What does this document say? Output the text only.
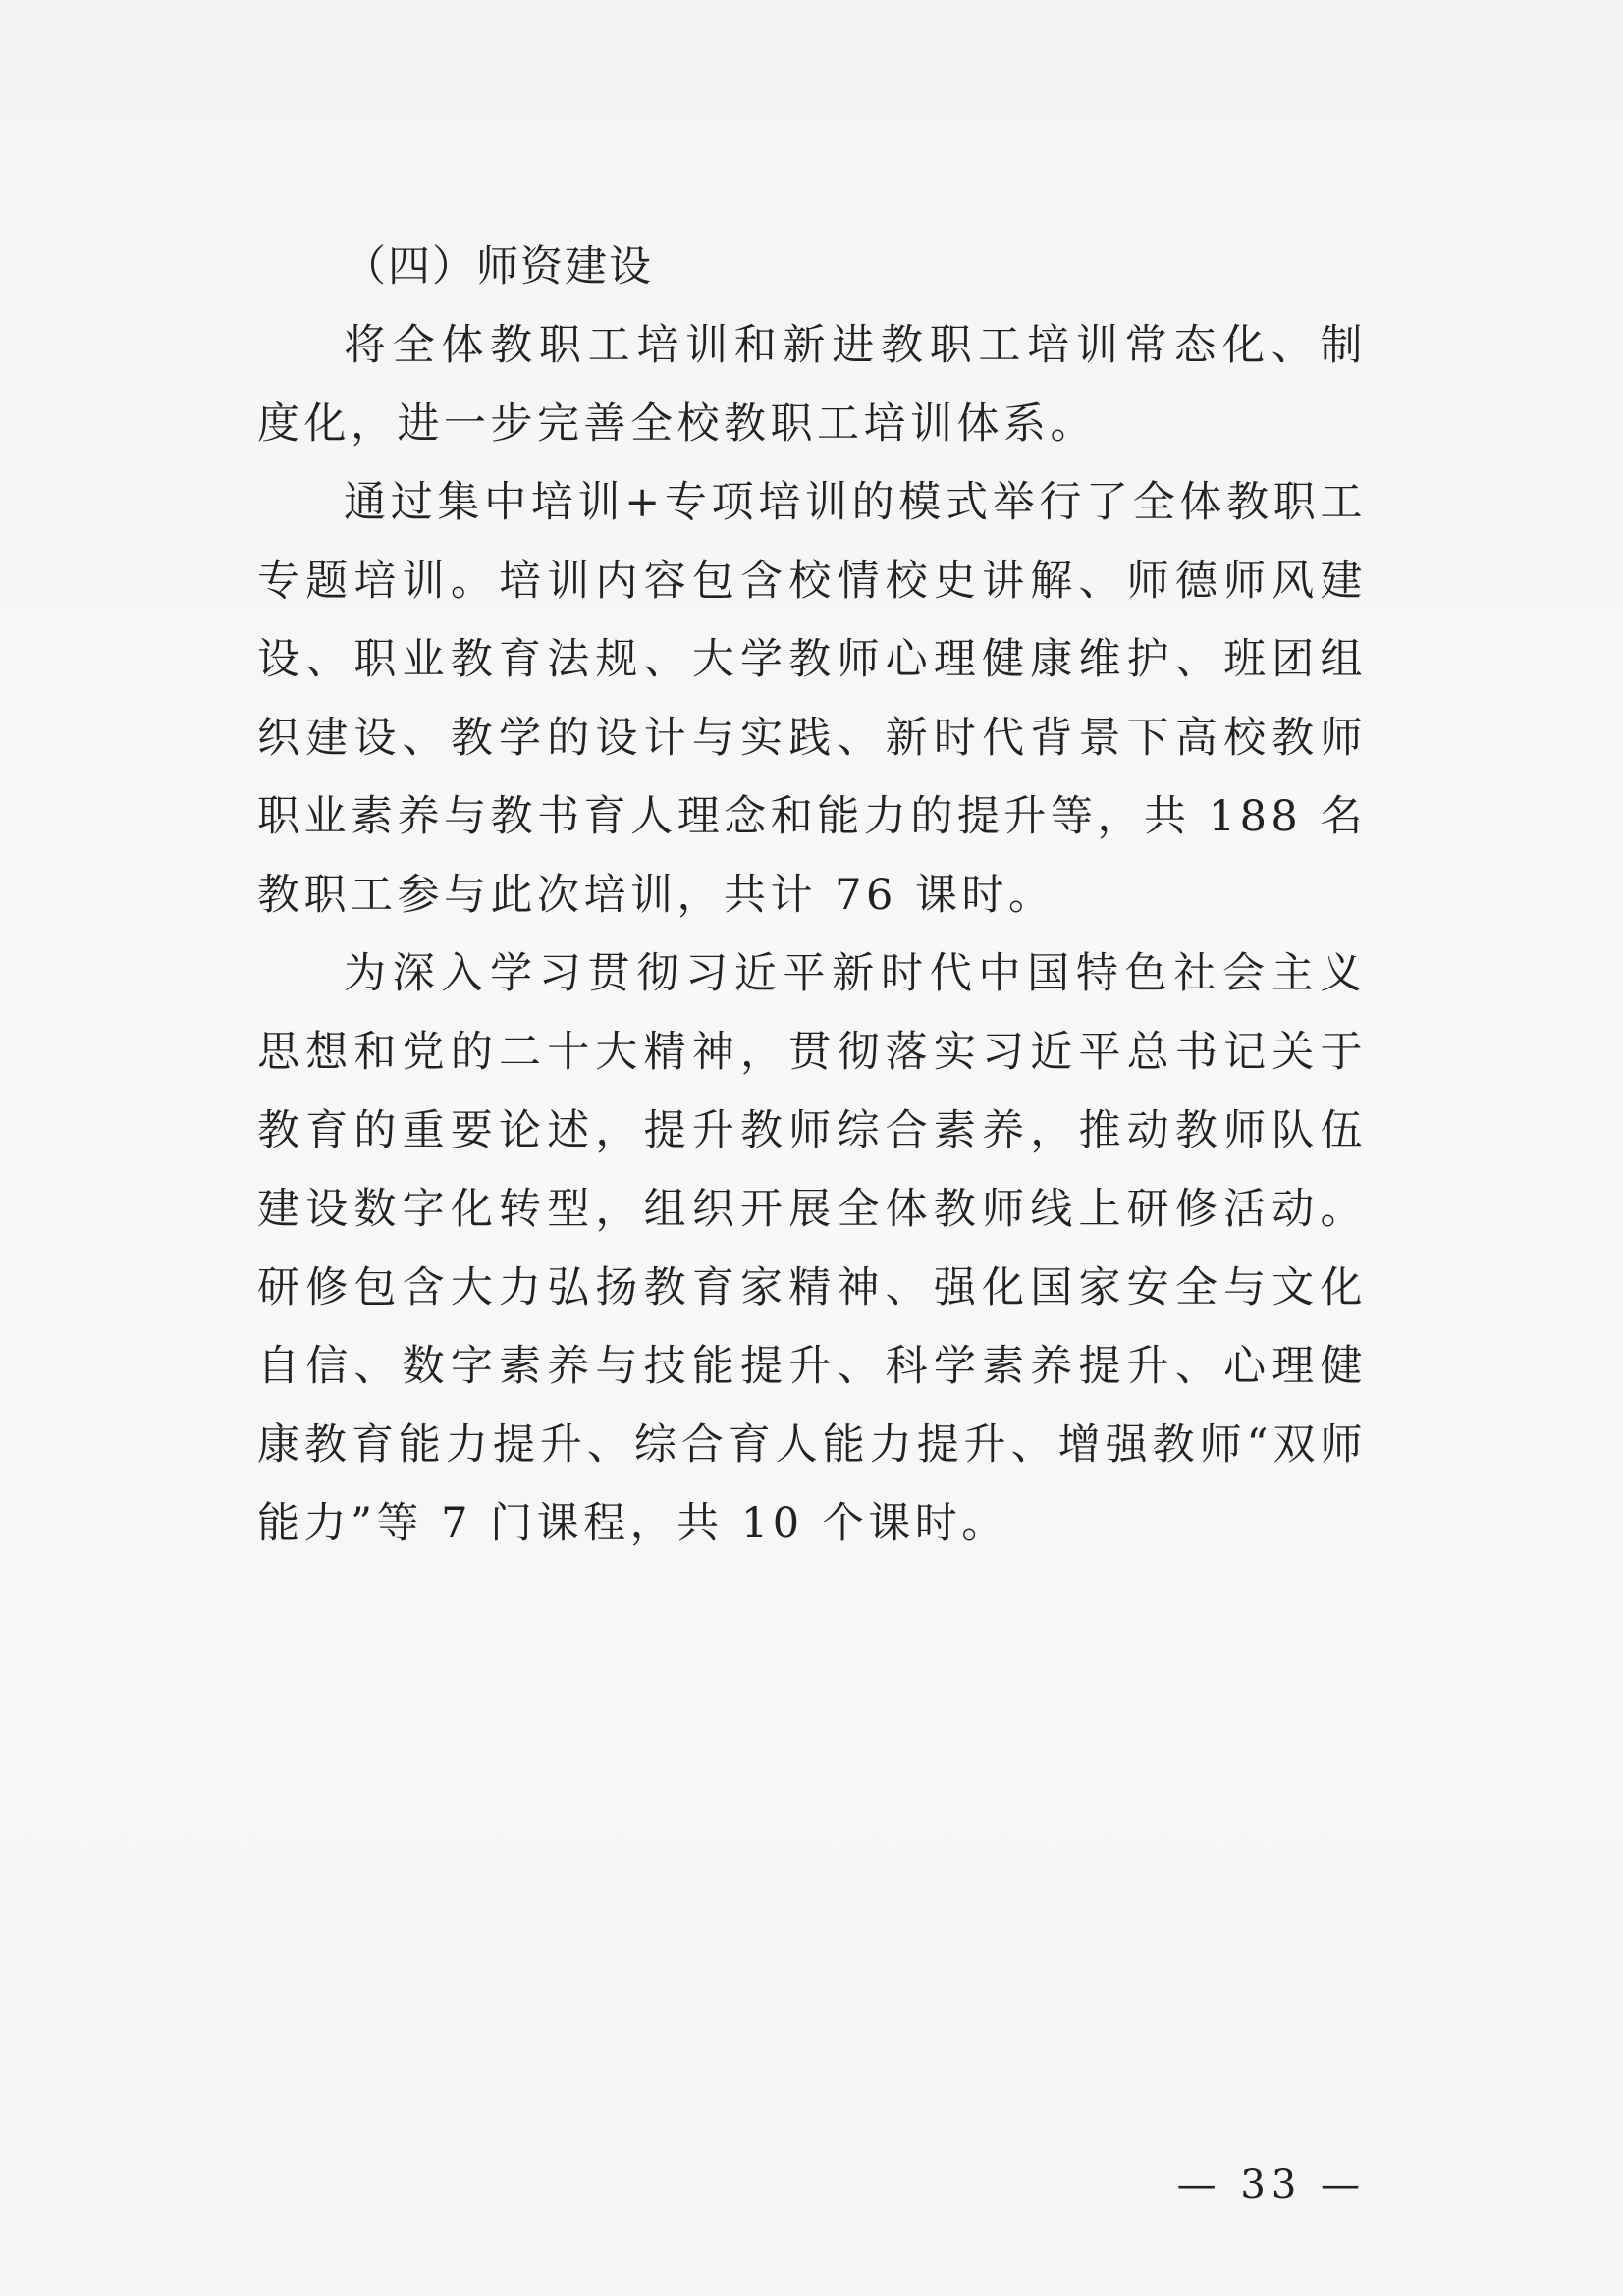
（四）师资建设

将全体教职工培训和新进教职工培训常态化、制度化，进一步完善全校教职工培训体系。

通过集中培训+专项培训的模式举行了全体教职工专题培训。培训内容包含校情校史讲解、师德师风建设、职业教育法规、大学教师心理健康维护、班团组织建设、教学的设计与实践、新时代背景下高校教师职业素养与教书育人理念和能力的提升等，共 188 名教职工参与此次培训，共计 76 课时。

为深入学习贯彻习近平新时代中国特色社会主义思想和党的二十大精神，贯彻落实习近平总书记关于教育的重要论述，提升教师综合素养，推动教师队伍建设数字化转型，组织开展全体教师线上研修活动。研修包含大力弘扬教育家精神、强化国家安全与文化自信、数字素养与技能提升、科学素养提升、心理健康教育能力提升、综合育人能力提升、增强教师“双师能力”等 7 门课程，共 10 个课时。

— 33 —
